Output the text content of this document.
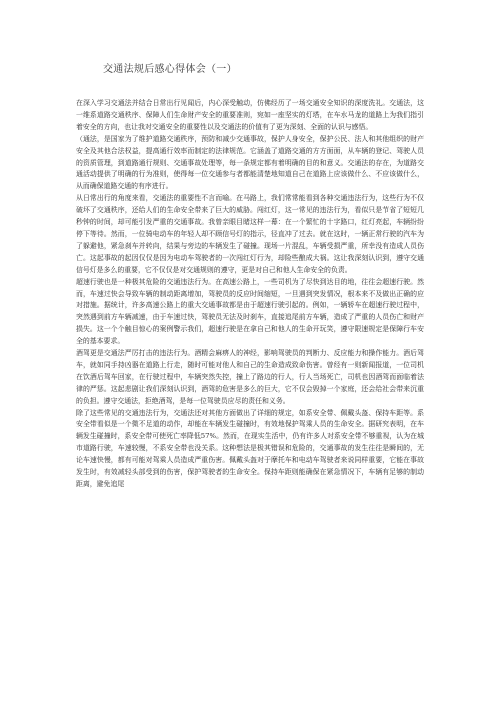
交通法规后感心得体会（一）

在深入学习交通法并结合日常出行见闻后，内心深受触动，仿佛经历了一场交通安全知识的深度洗礼。交通法，这一维系道路交通秩序、保障人们生命财产安全的重要准则，宛如一座坚实的灯塔，在车水马龙的道路上为我们指引着安全的方向，也让我对交通安全的重要性以及交通法的价值有了更为深刻、全面的认识与感悟。

（通法，是国家为了维护道路交通秩序，预防和减少交通事故，保护人身安全，保护公民、法人和其他组织的财产安全及其他合法权益，提高通行效率而制定的法律规范。它涵盖了道路交通的方方面面，从车辆的登记、驾驶人员的资质管理，到道路通行规则、交通事故处理等，每一条规定都有着明确的目的和意义。交通法的存在，为道路交通活动提供了明确的行为准则，使得每一位交通参与者都能清楚地知道自己在道路上应该做什么、不应该做什么，从而确保道路交通的有序进行。

从日常出行的角度来看，交通法的重要性不言而喻。在马路上，我们常常能看到各种交通违法行为，这些行为不仅破坏了交通秩序，还给人们的生命安全带来了巨大的威胁。闯红灯，这一常见的违法行为，看似只是节省了短短几秒钟的时间，却可能引发严重的交通事故。我曾亲眼目睹这样一幕：在一个繁忙的十字路口，红灯亮起，车辆纷纷停下等待。然而，一位骑电动车的年轻人却不顾信号灯的指示，径直冲了过去。就在这时，一辆正常行驶的汽车为了躲避他，紧急刹车并转向，结果与旁边的车辆发生了碰撞。现场一片混乱，车辆受损严重，所幸没有造成人员伤亡。这起事故的起因仅仅是因为电动车驾驶者的一次闯红灯行为，却险些酿成大祸。这让我深刻认识到，遵守交通信号灯是多么的重要，它不仅仅是对交通规则的遵守，更是对自己和他人生命安全的负责。

超速行驶也是一种极其危险的交通违法行为。在高速公路上，一些司机为了尽快到达目的地，往往会超速行驶。然而，车速过快会导致车辆的制动距离增加，驾驶员的反应时间缩短，一旦遇到突发情况，根本来不及做出正确的应对措施。据统计，许多高速公路上的重大交通事故都是由于超速行驶引起的。例如，一辆轿车在超速行驶过程中，突然遇到前方车辆减速，由于车速过快，驾驶员无法及时刹车，直接追尾前方车辆，造成了严重的人员伤亡和财产损失。这一个个触目惊心的案例警示我们，超速行驶是在拿自己和他人的生命开玩笑，遵守限速规定是保障行车安全的基本要求。

酒驾更是交通法严厉打击的违法行为。酒精会麻痹人的神经，影响驾驶员的判断力、反应能力和操作能力。酒后驾车，就如同手持凶器在道路上行走，随时可能对他人和自己的生命造成致命伤害。曾经有一则新闻报道，一位司机在饮酒后驾车回家，在行驶过程中，车辆突然失控，撞上了路边的行人，行人当场死亡，司机也因酒驾而面临着法律的严惩。这起悲剧让我们深刻认识到，酒驾的危害是多么的巨大，它不仅会毁掉一个家庭，还会给社会带来沉重的负担。遵守交通法，拒绝酒驾，是每一位驾驶员应尽的责任和义务。

除了这些常见的交通违法行为，交通法还对其他方面做出了详细的规定，如系安全带、佩戴头盔、保持车距等。系安全带看似是一个微不足道的动作，却能在车辆发生碰撞时，有效地保护驾乘人员的生命安全。据研究表明，在车辆发生碰撞时，系安全带可使死亡率降低57%。然而，在现实生活中，仍有许多人对系安全带不够重视，认为在城市道路行驶，车速较慢，不系安全带也没关系。这种想法是极其错误和危险的，交通事故的发生往往是瞬间的，无论车速快慢，都有可能对驾乘人员造成严重伤害。佩戴头盔对于摩托车和电动车驾驶者来说同样重要，它能在事故发生时，有效减轻头部受到的伤害，保护驾驶者的生命安全。保持车距则能确保在紧急情况下，车辆有足够的制动距离，避免追尾
